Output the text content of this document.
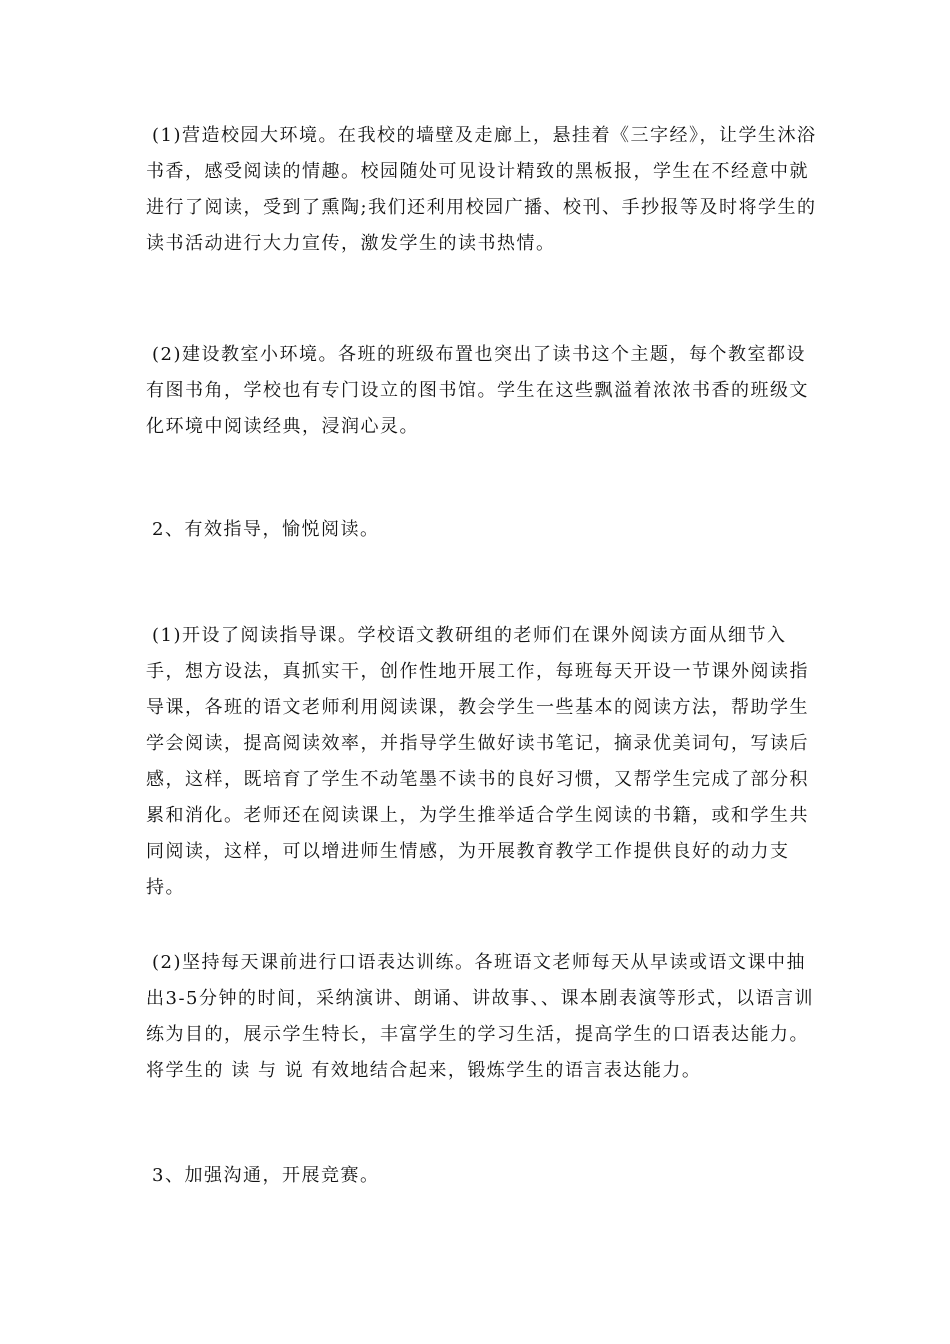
(1)营造校园大环境。在我校的墙壁及走廊上，悬挂着《三字经》，让学生沐浴书香，感受阅读的情趣。校园随处可见设计精致的黑板报，学生在不经意中就进行了阅读，受到了熏陶;我们还利用校园广播、校刊、手抄报等及时将学生的读书活动进行大力宣传，激发学生的读书热情。

(2)建设教室小环境。各班的班级布置也突出了读书这个主题，每个教室都设有图书角，学校也有专门设立的图书馆。学生在这些飘溢着浓浓书香的班级文化环境中阅读经典，浸润心灵。

2、有效指导，愉悦阅读。

(1)开设了阅读指导课。学校语文教研组的老师们在课外阅读方面从细节入手，想方设法，真抓实干，创作性地开展工作，每班每天开设一节课外阅读指导课，各班的语文老师利用阅读课，教会学生一些基本的阅读方法，帮助学生学会阅读，提高阅读效率，并指导学生做好读书笔记，摘录优美词句，写读后感，这样，既培育了学生不动笔墨不读书的良好习惯，又帮学生完成了部分积累和消化。老师还在阅读课上，为学生推举适合学生阅读的书籍，或和学生共同阅读，这样，可以增进师生情感，为开展教育教学工作提供良好的动力支持。

(2)坚持每天课前进行口语表达训练。各班语文老师每天从早读或语文课中抽出3-5分钟的时间，采纳演讲、朗诵、讲故事、、课本剧表演等形式，以语言训练为目的，展示学生特长，丰富学生的学习生活，提高学生的口语表达能力。将学生的 读 与 说 有效地结合起来，锻炼学生的语言表达能力。

3、加强沟通，开展竞赛。
